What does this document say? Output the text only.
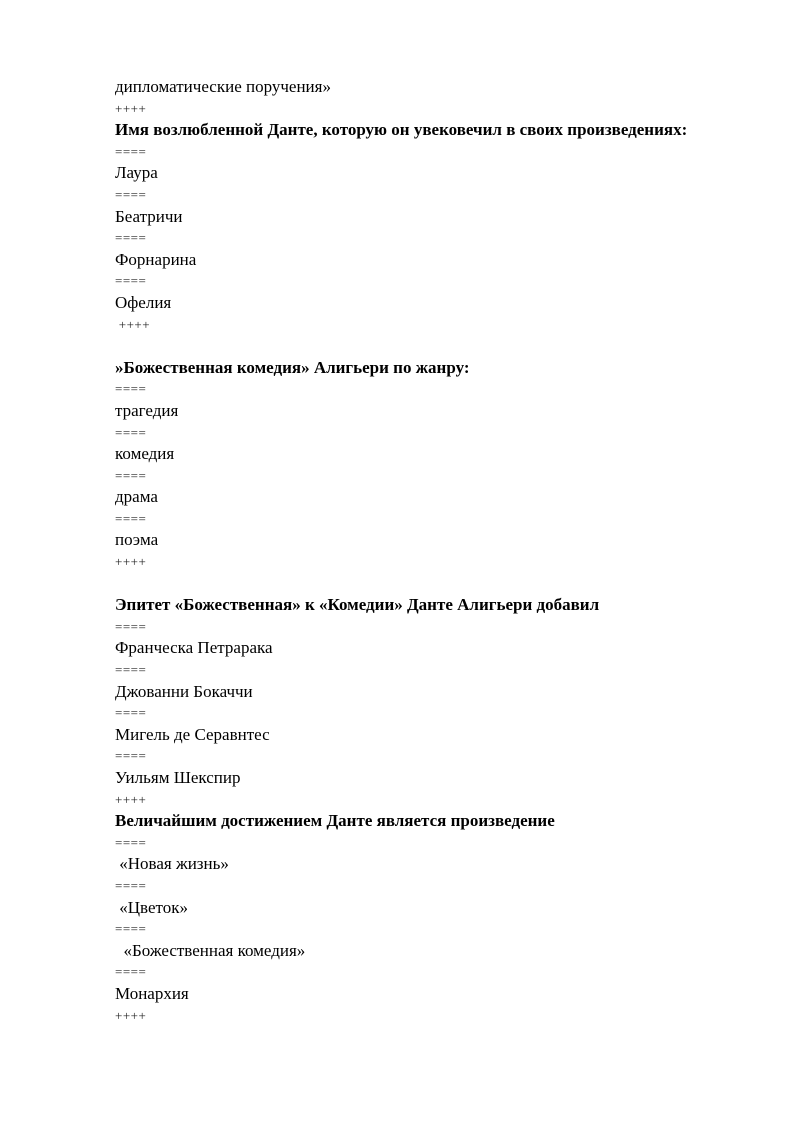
дипломатические поручения»
++++
Имя возлюбленной Данте, которую он увековечил в своих произведениях:
====
Лаура
====
Беатричи
====
Форнарина
====
Офелия
++++
»Божественная комедия» Алигьери по жанру:
====
трагедия
====
комедия
====
драма
====
поэма
++++
Эпитет «Божественная» к «Комедии» Данте Алигьери добавил
====
Франческа Петрарака
====
Джованни Бокаччи
====
Мигель де Серавнтес
====
Уильям Шекспир
++++
Величайшим достижением Данте является произведение
====
«Новая жизнь»
====
«Цветок»
====
«Божественная комедия»
====
Монархия
++++
